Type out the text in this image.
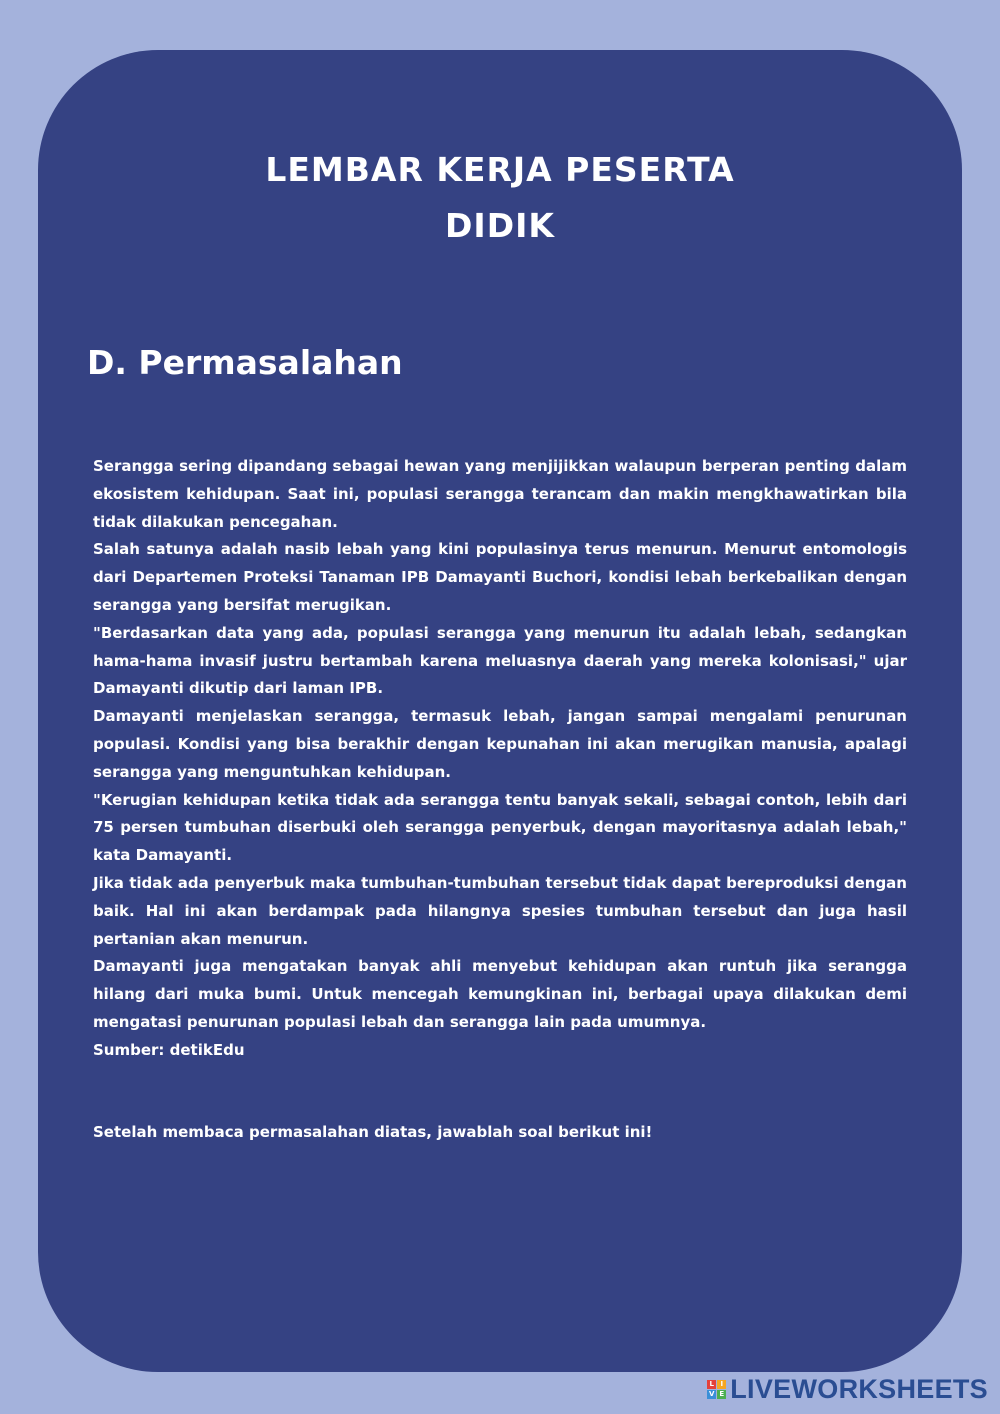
LEMBAR KERJA PESERTA
DIDIK
D. Permasalahan

Serangga sering dipandang sebagai hewan yang menjijikkan walaupun berperan penting dalam ekosistem kehidupan. Saat ini, populasi serangga terancam dan makin mengkhawatirkan bila tidak dilakukan pencegahan.

Salah satunya adalah nasib lebah yang kini populasinya terus menurun. Menurut entomologis dari Departemen Proteksi Tanaman IPB Damayanti Buchori, kondisi lebah berkebalikan dengan serangga yang bersifat merugikan.

"Berdasarkan data yang ada, populasi serangga yang menurun itu adalah lebah, sedangkan hama-hama invasif justru bertambah karena meluasnya daerah yang mereka kolonisasi," ujar Damayanti dikutip dari laman IPB.

Damayanti menjelaskan serangga, termasuk lebah, jangan sampai mengalami penurunan populasi. Kondisi yang bisa berakhir dengan kepunahan ini akan merugikan manusia, apalagi serangga yang menguntuhkan kehidupan.

"Kerugian kehidupan ketika tidak ada serangga tentu banyak sekali, sebagai contoh, lebih dari 75 persen tumbuhan diserbuki oleh serangga penyerbuk, dengan mayoritasnya adalah lebah," kata Damayanti.

Jika tidak ada penyerbuk maka tumbuhan-tumbuhan tersebut tidak dapat bereproduksi dengan baik. Hal ini akan berdampak pada hilangnya spesies tumbuhan tersebut dan juga hasil pertanian akan menurun.

Damayanti juga mengatakan banyak ahli menyebut kehidupan akan runtuh jika serangga hilang dari muka bumi. Untuk mencegah kemungkinan ini, berbagai upaya dilakukan demi mengatasi penurunan populasi lebah dan serangga lain pada umumnya.

Sumber: detikEdu

Setelah membaca permasalahan diatas, jawablah soal berikut ini!

L I
V E LIVEWORKSHEETS
